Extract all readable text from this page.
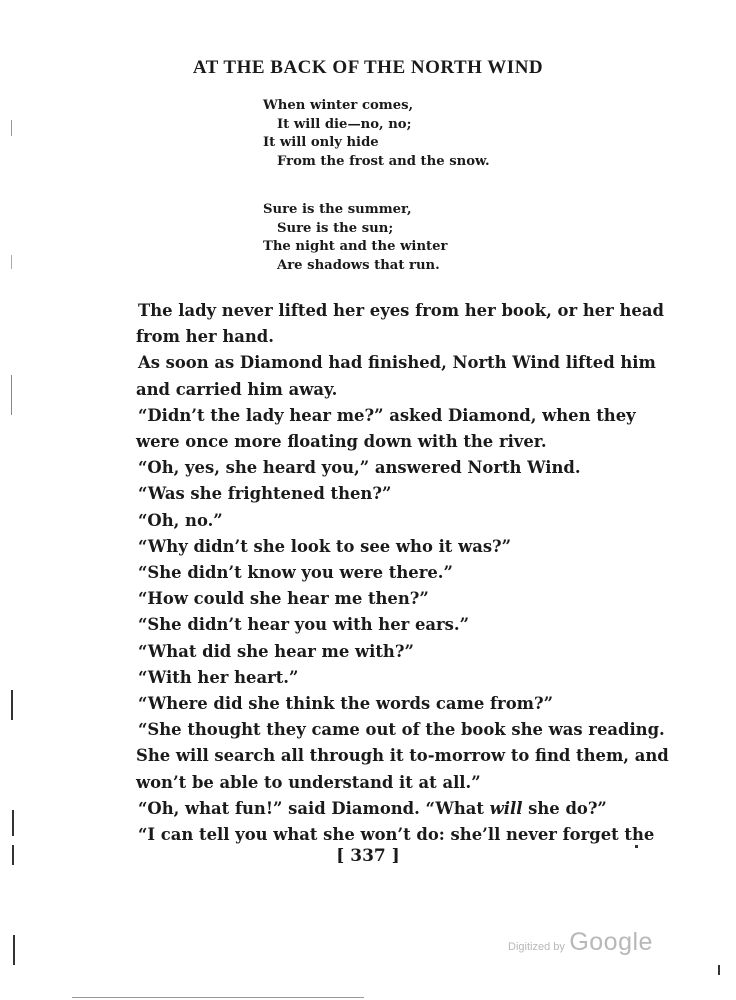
AT THE BACK OF THE NORTH WIND
When winter comes,
It will die—no, no;
It will only hide
From the frost and the snow.
Sure is the summer,
Sure is the sun;
The night and the winter
Are shadows that run.
The lady never lifted her eyes from her book, or her head
from her hand.
As soon as Diamond had finished, North Wind lifted him
and carried him away.
“Didn’t the lady hear me?” asked Diamond, when they
were once more floating down with the river.
“Oh, yes, she heard you,” answered North Wind.
“Was she frightened then?”
“Oh, no.”
“Why didn’t she look to see who it was?”
“She didn’t know you were there.”
“How could she hear me then?”
“She didn’t hear you with her ears.”
“What did she hear me with?”
“With her heart.”
“Where did she think the words came from?”
“She thought they came out of the book she was reading.
She will search all through it to-morrow to find them, and
won’t be able to understand it at all.”
“Oh, what fun!” said Diamond. “What will she do?”
“I can tell you what she won’t do: she’ll never forget the
[ 337 ]
Digitized by Google
